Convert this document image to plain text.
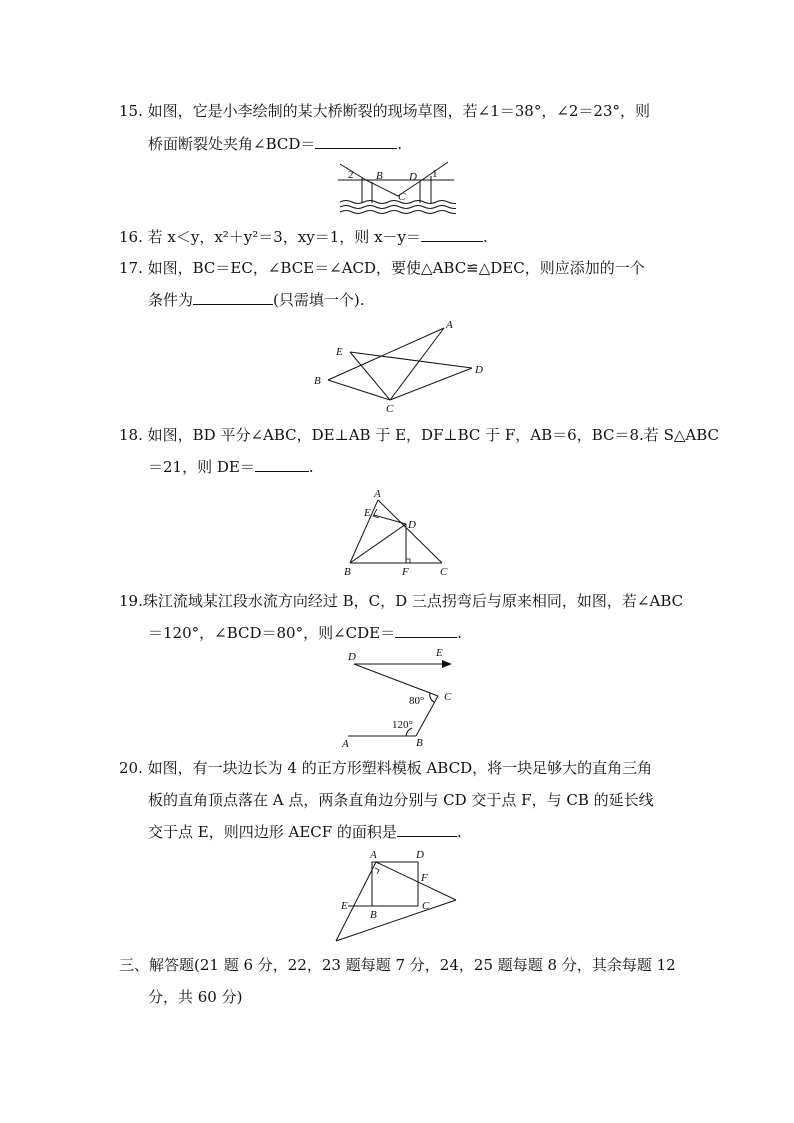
15. 如图，它是小李绘制的某大桥断裂的现场草图，若∠1＝38°，∠2＝23°，则
桥面断裂处夹角∠BCD＝	.
2 B
C
D 1
16. 若 x＜y，x²＋y²＝3，xy＝1，则 x－y＝	.
17. 如图，BC＝EC，∠BCE＝∠ACD，要使△ABC≌△DEC，则应添加的一个
条件为	(只需填一个).
A
E
B
C
D
18. 如图，BD 平分∠ABC，DE⊥AB 于 E，DF⊥BC 于 F，AB＝6，BC＝8.若 S△ABC
＝21，则 DE＝	.
A
E
D
B	F	C
19.珠江流域某江段水流方向经过 B，C，D 三点拐弯后与原来相同，如图，若∠ABC
＝120°，∠BCD＝80°，则∠CDE＝	.
D	E
C
B
A
80°
120°
20. 如图，有一块边长为 4 的正方形塑料模板 ABCD，将一块足够大的直角三角
板的直角顶点落在 A 点，两条直角边分别与 CD 交于点 F，与 CB 的延长线
交于点 E，则四边形 AECF 的面积是	.
A	D
F
E
B
C
三、解答题(21 题 6 分，22，23 题每题 7 分，24，25 题每题 8 分，其余每题 12
分，共 60 分)
